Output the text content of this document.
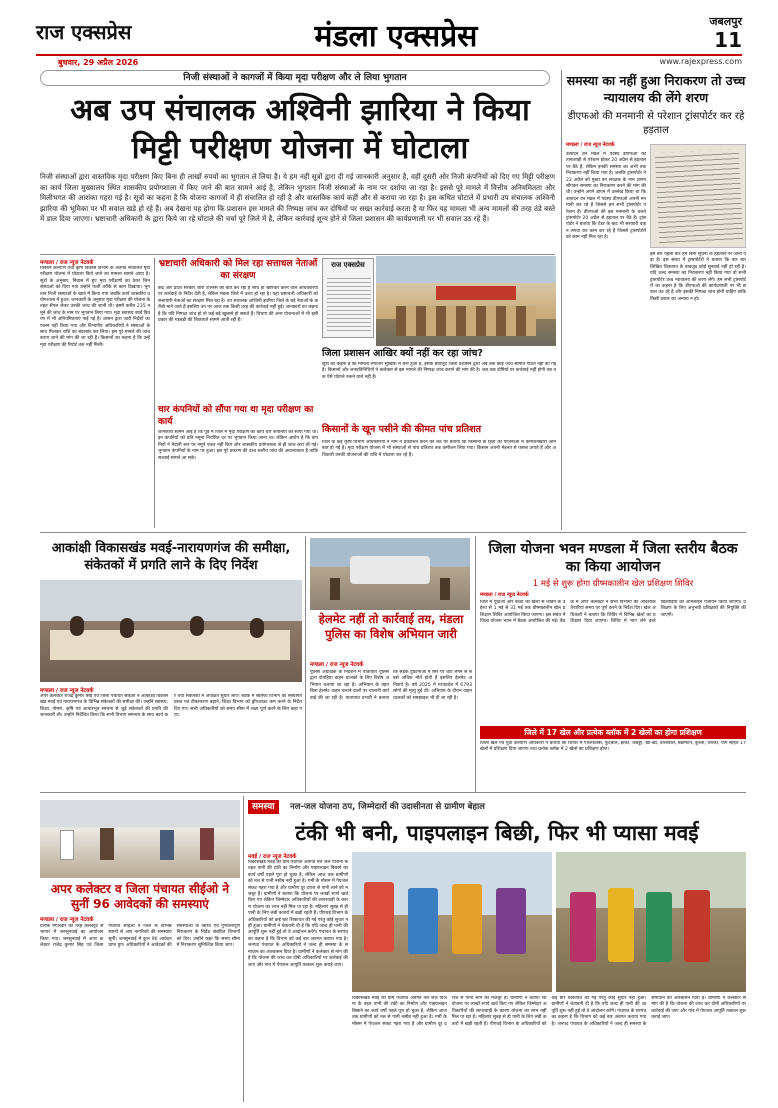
राज एक्सप्रेस	मंडला एक्सप्रेस	जबलपुर
11
बुधवार, 29 अप्रैल 2026	www.rajexpress.com
निजी संस्थाओं ने कागजों में किया मृदा परीक्षण और ले लिया भुगतान
अब उप संचालक अश्विनी झारिया ने किया मिट्टी परीक्षण योजना में घोटाला
निजी संस्थाओं द्वारा वास्तविक मृदा परीक्षण किए बिना ही लाखों रुपयों का भुगतान ले लिया है। ये हम नहीं सूत्रों द्वारा दी गई जानकारी अनुसार है, वहीं दूसरी ओर निजी कंपनियों को दिए गए मिट्टी परीक्षण का कार्य जिला मुख्यालय स्थित शासकीय प्रयोगशाला में किए जाने की बात सामने आई है, लेकिन भुगतान निजी संस्थाओं के नाम पर दर्शाया जा रहा है। इससे पूरे मामले में वित्तीय अनियमितता और मिलीभगत की आशंका गहरा गई है। सूत्रों का कहना है कि योजना कागजों में ही संचालित हो रही है और वास्तविक कार्य कहीं और से कराया जा रहा है। इस कथित घोटाले में प्रभारी उप संचालक अश्विनी झारिया की भूमिका पर भी सवाल खड़े हो रहे हैं। अब देखना यह होगा कि प्रशासन इस मामले की निष्पक्ष जांच कर दोषियों पर सख्त कार्रवाई करता है या फिर यह मामला भी अन्य मामलों की तरह ठंडे बस्ते में डाल दिया जाएगा। भ्रष्टाचारी अधिकारी के द्वारा किये जा रहे घोटाले की चर्चा पूरे जिले में है, लेकिन कार्रवाई शून्य होने से जिला प्रशासन की कार्यप्रणाली पर भी सवाल उठ रहे हैं।
समस्या का नहीं हुआ निराकरण तो उच्च न्यायालय की लेंगे शरण
डीएफओ की मनमानी से परेशान ट्रांसपोर्टर कर रहे हड़ताल
मण्डला / राज न्यूज नेटवर्क
उत्पादन वन मंडल में पदस्थ डीएफओ की तानाशाही से परेशान होकर 20 अप्रैल से हड़ताल पर बैठे हैं, लेकिन इनकी समस्या का अभी तक निराकरण नहीं किया गया है। जबकि ट्रांसपोर्टर ने 22 अप्रैल को मुख्य वन संरक्षक के नाम ज्ञापन सौंपकर समस्या का निराकरण करने की मांग की थी। उन्होंने अपने ज्ञापन में उल्लेख किया था कि उत्पादन वन मंडल में पदस्थ डीएफओ अपनी मनमानी कर रहे हैं जिससे हम सभी ट्रांसपोर्टर परेशान हैं। डीएफओ की इस मनमानी के चलते ट्रांसपोर्टर 20 अप्रैल से हड़ताल पर बैठे हैं। ट्रांसपोर्टर ने बताया कि टेंडर के बाद भी सरकारी वाहन लगवा कर काम कर रहे हैं जिससे ट्रांसपोर्टरों को काम नहीं मिल रहा है।
इस बार पहली बार हमें बिना सूचना के हड़ताल पर जाना पड़ा है। इस संबंध में ट्रांसपोर्टरों ने बताया कि बार बार लिखित शिकायत के बावजूद कोई सुनवाई नहीं हो रही है। यदि जल्द समस्या का निराकरण नहीं किया गया तो सभी ट्रांसपोर्टर उच्च न्यायालय की शरण लेंगे। हम सभी ट्रांसपोर्टरों का कहना है कि डीएफओ की कार्यप्रणाली पर भी सवाल उठ रहे हैं और इसकी निष्पक्ष जांच होनी चाहिए ताकि किसी प्रकार का अन्याय न हो।
मण्डला / राज न्यूज नेटवर्क
किसान कल्याण तथा कृषि विकास विभाग के अंतर्गत संचालित मृदा परीक्षण योजना में घोटाला किये जाने का मामला सामने आया है। सूत्रों के अनुसार, निवास में हुए मृदा परीक्षणों का ठेका जिन संस्थाओं को दिया गया उन्होंने फर्जी तरीके से काम दिखाया। भुगतान निजी संस्थाओं के खाते में किया गया जबकि कार्य शासकीय प्रयोगशाला में हुआ। जानकारी के अनुसार मृदा परीक्षण की योजना के तहत सैंपल लेकर उनकी जांच की जानी थी। इसमें करीब 235 नमूने की जांच के नाम पर भुगतान लिया गया। मृदा स्वास्थ्य कार्ड वितरण में भी अनियमितताएं पाई गई हैं। शासन द्वारा जारी निर्देशों का पालन नहीं किया गया और विभागीय अधिकारियों ने संस्थाओं के साथ मिलकर राशि का बंदरबांट कर लिया। इस पूरे मामले की जांच कराए जाने की मांग की जा रही है। किसानों का कहना है कि उन्हें मृदा परीक्षण की रिपोर्ट तक नहीं मिली।
भ्रष्टाचारी अधिकारी को मिल रहा सत्ताधल नेताओं का संरक्षण
केंद्र और प्रदेश सरकार जीरो टॉलरेंस की बात कर रही है साथ ही भ्रष्टाचार करने वाले अधिकारियों पर कार्रवाई के निर्देश देती है, लेकिन मंडला जिले में उल्टा हो रहा है। यहां भ्रष्टाचारी अधिकारी को सत्ताधारी नेताओं का संरक्षण मिल रहा है। उप संचालक अश्विनी झारिया जिले के बड़े नेताओं के करीबी माने जाते हैं इसलिए उन पर आज तक किसी तरह की कार्रवाई नहीं हुई। जानकारों का कहना है कि यदि निष्पक्ष जांच हो तो कई बड़े खुलासे हो सकते हैं। विभाग की अन्य योजनाओं में भी इसी प्रकार की गड़बड़ी की शिकायतें सामने आती रही हैं।
राज एक्सप्रेस
जिला प्रशासन आखिर क्यों नहीं कर रहा जांच?
सूत्रों का कहना है कि मामला लगातार सुर्खियों में बना हुआ है, इसके बावजूद जिला प्रशासन द्वारा अब तक कोई जांच समिति गठित नहीं की गई है। किसानों और जनप्रतिनिधियों ने कलेक्टर से इस मामले की निष्पक्ष जांच कराने की मांग की है। जब तक दोषियों पर कार्रवाई नहीं होगी तब तक ऐसे घोटाले रुकने वाले नहीं हैं।
चार कंपनियों को सौंपा गया था मृदा परीक्षण का कार्य
जानकारी सामने आई है कि पूर्व में जिले में मृदा परीक्षण का कार्य चार कंपनियों को सौंपा गया था। इन कंपनियों को प्रति नमूना निर्धारित दर पर भुगतान किया जाना था। लेकिन आरोप है कि कंपनियों ने मैदानी स्तर पर नमूने एकत्र नहीं किए और शासकीय प्रयोगशाला से ही जांच करा ली गई। भुगतान कंपनियों के नाम पर हुआ। इस पूरे प्रकरण की उच्च स्तरीय जांच की आवश्यकता है ताकि सच्चाई सामने आ सके।
किसानों के खून पसीने की कीमत पांच प्रतिशत
जिले के कई कृषि विभाग अधिकारियों ने नाम न प्रकाशित करने की शर्त पर बताया कि किसानों के हितों की योजनाओं में कमीशनखोरी आम बात हो गई है। मृदा परीक्षण योजना में भी संस्थाओं से पांच प्रतिशत तक कमीशन लिया गया। किसान अपनी मेहनत से फसल उगाते हैं और अधिकारी उनकी योजनाओं की राशि में घोटाला कर रहे हैं।
आकांक्षी विकासखंड मवई-नारायणगंज की समीक्षा, संकेतकों में प्रगति लाने के दिए निर्देश
मण्डला / राज न्यूज नेटवर्क
अपर कलेक्टर राजेंद्र कुमार सिंह एवं जिला पंचायत सीईओ ने आकांक्षी विकासखंड मवई एवं नारायणगंज के विभिन्न संकेतकों की समीक्षा की। उन्होंने स्वास्थ्य, शिक्षा, पोषण, कृषि एवं आधारभूत संरचना से जुड़े संकेतकों की प्रगति की जानकारी ली। उन्होंने निर्देशित किया कि सभी विभाग समन्वय के साथ कार्य करें तथा संकेतकों में अपेक्षित सुधार लाएं। बैठक में स्वास्थ्य विभाग को संस्थागत प्रसव एवं टीकाकरण बढ़ाने, शिक्षा विभाग को ड्रॉपआउट कम करने के निर्देश दिए गए। सभी अधिकारियों को समय सीमा में लक्ष्य पूर्ण करने के लिए कहा गया।
हेलमेट नहीं तो कार्रवाई तय, मंडला पुलिस का विशेष अभियान जारी
मण्डला / राज न्यूज नेटवर्क
पुलिस अधीक्षक के निर्देशन में यातायात पुलिस द्वारा दोपहिया वाहन चालकों के लिए विशेष अभियान चलाया जा रहा है। अभियान के तहत बिना हेलमेट वाहन चलाने वालों पर चालानी कार्रवाई की जा रही है। यातायात प्रभारी ने बताया कि सड़क दुर्घटनाओं में सिर पर चोट लगने से सबसे अधिक मौतें होती हैं इसलिए हेलमेट अनिवार्य है। वर्ष 2025 में मध्यप्रदेश में 6793 लोगों की मृत्यु हुई थी। अभियान के दौरान वाहन चालकों को समझाइश भी दी जा रही है।
जिला योजना भवन मण्डला में जिला स्तरीय बैठक का किया आयोजन
1 मई से शुरू होगा ग्रीष्मकालीन खेल प्रशिक्षण शिविर
मण्डला / राज न्यूज नेटवर्क
जिले में युवाओं और बच्चों को खेलों से जोड़ने के उद्देश्य से 1 मई से 31 मई तक ग्रीष्मकालीन खेल प्रशिक्षण शिविर आयोजित किया जाएगा। इस संबंध में जिला योजना भवन में बैठक आयोजित की गई। बैठक में अपर कलेक्टर ने सभी विभागों को आवश्यक तैयारियां समय पर पूर्ण करने के निर्देश दिए। खेल अधिकारी ने बताया कि शिविर में विभिन्न खेलों का प्रशिक्षण दिया जाएगा। शिविर में भाग लेने वाले खिलाड़ियों का ऑनलाइन पंजीयन किया जाएगा। प्रशिक्षण के लिए अनुभवी प्रशिक्षकों की नियुक्ति की जाएगी।
जिले में 17 खेल और प्रत्येक ब्लॉक में 2 खेलों का होगा प्रशिक्षण
जिला खेल एवं युवा कल्याण अधिकारी ने बताया कि शिविर में एथलेटिक्स, फुटबॉल, हॉकी, कबड्डी, खो-खो, वॉलीबॉल, बैडमिंटन, कुश्ती, तैराकी, योग सहित 17 खेलों में प्रशिक्षण दिया जाएगा तथा प्रत्येक ब्लॉक में 2 खेलों का प्रशिक्षण होगा।
अपर कलेक्टर व जिला पंचायत सीईओ ने सुनीं 96 आवेदकों की समस्याएं
मण्डला / राज न्यूज नेटवर्क
प्रत्येक मंगलवार की तरह कलेक्ट्रेट सभागार में जनसुनवाई का आयोजन किया गया। जनसुनवाई में अपर कलेक्टर राजेंद्र कुमार सिंह एवं जिला पंचायत सीईओ ने जिले के विभिन्न स्थानों से आए नागरिकों की समस्याएं सुनीं। जनसुनवाई में कुल 96 आवेदन प्राप्त हुए। अधिकारियों ने आवेदकों की समस्याओं के त्वरित एवं गुणवत्तापूर्ण निराकरण के निर्देश संबंधित विभागों को दिए। उन्होंने कहा कि समय सीमा में निराकरण सुनिश्चित किया जाए।
समस्या	नल-जल योजना ठप, जिम्मेदारों की उदासीनता से ग्रामीण बेहाल
टंकी भी बनी, पाइपलाइन बिछी, फिर भी प्यासा मवई
मवई / राज न्यूज नेटवर्क
विकासखंड मवई की ग्राम पंचायत अंतर्गत नल जल योजना के तहत पानी की टंकी का निर्माण और पाइपलाइन बिछाने का कार्य वर्षों पहले पूरा हो चुका है, लेकिन आज तक ग्रामीणों को नल से पानी नसीब नहीं हुआ है। गर्मी के मौसम में पेयजल संकट गहरा गया है और ग्रामीण दूर दराज से पानी लाने को मजबूर हैं। ग्रामीणों ने बताया कि योजना पर लाखों रुपये खर्च किए गए लेकिन जिम्मेदार अधिकारियों की लापरवाही के कारण योजना का लाभ नहीं मिल पा रहा है। महिलाएं सुबह से ही पानी के लिए लंबी कतारों में खड़ी रहती हैं। पीएचई विभाग के अधिकारियों को कई बार शिकायत की गई परंतु कोई सुधार नहीं हुआ। ग्रामीणों ने चेतावनी दी है कि यदि जल्द ही पानी की आपूर्ति शुरू नहीं हुई तो वे आंदोलन करेंगे। पंचायत के सरपंच का कहना है कि विभाग को कई बार अवगत कराया गया है। जनपद पंचायत के अधिकारियों ने जल्द ही समस्या के समाधान का आश्वासन दिया है। ग्रामीणों ने कलेक्टर से मांग की है कि योजना की जांच कर दोषी अधिकारियों पर कार्रवाई की जाए और गांव में पेयजल आपूर्ति तत्काल शुरू कराई जाए।
विकासखंड मवई की ग्राम पंचायत अंतर्गत नल जल योजना के तहत पानी की टंकी का निर्माण और पाइपलाइन बिछाने का कार्य वर्षों पहले पूरा हो चुका है, लेकिन आज तक ग्रामीणों को नल से पानी नसीब नहीं हुआ है। गर्मी के मौसम में पेयजल संकट गहरा गया है और ग्रामीण दूर दराज से पानी लाने को मजबूर हैं। ग्रामीणों ने बताया कि योजना पर लाखों रुपये खर्च किए गए लेकिन जिम्मेदार अधिकारियों की लापरवाही के कारण योजना का लाभ नहीं मिल पा रहा है। महिलाएं सुबह से ही पानी के लिए लंबी कतारों में खड़ी रहती हैं। पीएचई विभाग के अधिकारियों को कई बार शिकायत की गई परंतु कोई सुधार नहीं हुआ। ग्रामीणों ने चेतावनी दी है कि यदि जल्द ही पानी की आपूर्ति शुरू नहीं हुई तो वे आंदोलन करेंगे। पंचायत के सरपंच का कहना है कि विभाग को कई बार अवगत कराया गया है। जनपद पंचायत के अधिकारियों ने जल्द ही समस्या के समाधान का आश्वासन दिया है। ग्रामीणों ने कलेक्टर से मांग की है कि योजना की जांच कर दोषी अधिकारियों पर कार्रवाई की जाए और गांव में पेयजल आपूर्ति तत्काल शुरू कराई जाए।
